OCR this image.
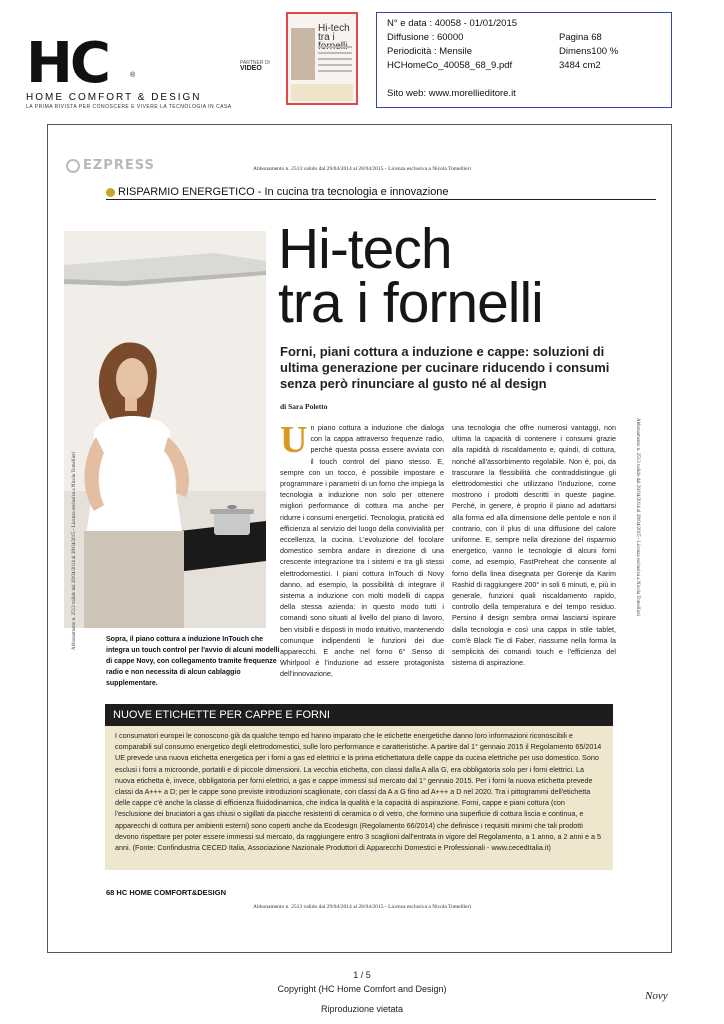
HC	®
PARTNER DI
VIDEO
HOME COMFORT & DESIGN
LA PRIMA RIVISTA PER CONOSCERE E VIVERE LA TECNOLOGIA IN CASA
Hi-tech tra i
N° e data : 40058 - 01/01/2015
Diffusione : 60000	Pagina 68
Periodicità : Mensile	Dimens100 %
HCHomeCo_40058_68_9.pdf	3484 cm2
Sito web: www.morellieditore.it
EZPRESS	Abbonamento n. 2513 valido dal 29/04/2014 al 28/04/2015 - Licenza esclusiva a Nicola Tomellieri
RISPARMIO ENERGETICO - In cucina tra tecnologia e innovazione
Abbonamento n. 2513 valido dal 29/04/2014 al 28/04/2015 - Licenza esclusiva a Nicola Tomellieri	Abbonamento n. 2513 valido dal 29/04/2014 al 28/04/2015 - Licenza esclusiva a Nicola Tomellieri
Sopra, il piano cottura a induzione InTouch che integra un touch control per l'avvio di alcuni modelli di cappe Novy, con collegamento tramite frequenze radio e non necessita di alcun cablaggio supplementare.
Hi-tech
tra i fornelli
Forni, piani cottura a induzione e cappe: soluzioni di ultima generazione per cucinare riducendo i consumi senza però rinunciare al gusto né al design
di Sara Poletto
U n piano cottura a induzione che dialoga con la cappa attraverso frequenze radio, perché questa possa essere avviata con il touch control del piano stesso. E, sempre con un tocco, è possibile impostare e programmare i parametri di un forno che impiega la tecnologia a induzione non solo per ottenere migliori performance di cottura ma anche per ridurre i consumi energetici. Tecnologia, praticità ed efficienza al servizio del luogo della convivialità per eccellenza, la cucina. L'evoluzione del focolare domestico sembra andare in direzione di una crescente integrazione tra i sistemi e tra gli stessi elettrodomestici. I piani cottura InTouch di Novy danno, ad esempio, la possibilità di integrare il sistema a induzione con molti modelli di cappa della stessa azienda: in questo modo tutti i comandi sono situati al livello del piano di lavoro, ben visibili e disposti in modo intuitivo, mantenendo comunque indipendenti le funzioni dei due apparecchi. E anche nel forno 6° Senso di Whirlpool è l'induzione ad essere protagonista dell'innovazione,
una tecnologia che offre numerosi vantaggi, non ultima la capacità di contenere i consumi grazie alla rapidità di riscaldamento e, quindi, di cottura, nonché all'assorbimento regolabile. Non è, poi, da trascurare la flessibilità che contraddistingue gli elettrodomestici che utilizzano l'induzione, come mostrono i prodotti descritti in queste pagine. Perché, in genere, è proprio il piano ad adattarsi alla forma ed alla dimensione delle pentole e non il contrario, con il plus di una diffusione del calore uniforme. E, sempre nella direzione del risparmio energetico, vanno le tecnologie di alcuni forni come, ad esempio, FastPreheat che consente al forno della linea disegnata per Gorenje da Karim Rashid di raggiungere 200° in soli 6 minuti, e, più in generale, funzioni quali riscaldamento rapido, controllo della temperatura e del tempo residuo. Persino il design sembra ormai lasciarsi ispirare dalla tecnologia e così una cappa in stile tablet, com'è Black Tie di Faber, riassume nella forma la semplicità dei comandi touch e l'efficienza del sistema di aspirazione.
NUOVE ETICHETTE PER CAPPE E FORNI
I consumatori europei le conoscono già da qualche tempo ed hanno imparato che le etichette energetiche danno loro informazioni riconoscibili e comparabili sul consumo energetico degli elettrodomestici, sulle loro performance e caratteristiche. A partire dal 1° gennaio 2015 il Regolamento 65/2014 UE prevede una nuova etichetta energetica per i forni a gas ed elettrici e la prima etichettatura delle cappe da cucina elettriche per uso domestico. Sono esclusi i forni a microonde, portatili e di piccole dimensioni. La vecchia etichetta, con classi dalla A alla G, era obbligatoria solo per i forni elettrici. La nuova etichetta è, invece, obbligatoria per forni elettrici, a gas e cappe immessi sul mercato dal 1° gennaio 2015. Per i forni la nuova etichetta prevede classi da A+++ a D; per le cappe sono previste introduzioni scaglionate, con classi da A a G fino ad A+++ a D nel 2020. Tra i pittogrammi dell'etichetta delle cappe c'è anche la classe di efficienza fluidodinamica, che indica la qualità e la capacità di aspirazione. Forni, cappe e piani cottura (con l'esclusione dei bruciatori a gas chiusi o sigillati da piacche resistenti di ceramica o di vetro, che formino una superficie di cottura liscia e continua, e apparecchi di cottura per ambienti esterni) sono coperti anche da Ecodesign (Regolamento 66/2014) che definisce i requisiti minimi che tali prodotti devono rispettare per poter essere immessi sul mercato, da raggiungere entro 3 scaglioni dall'entrata in vigore del Regolamento, a 1 anno, a 2 anni e a 5 anni. (Fonte: Confindustria CECED Italia, Associazione Nazionale Produttori di Apparecchi Domestici e Professionali - www.cecedItalia.it)
68 HC HOME COMFORT&DESIGN
Abbonamento n. 2513 valido dal 29/04/2014 al 28/04/2015 - Licenza esclusiva a Nicola Tomellieri
1 / 5
Copyright (HC Home Comfort and Design)
Riproduzione vietata
Novy
